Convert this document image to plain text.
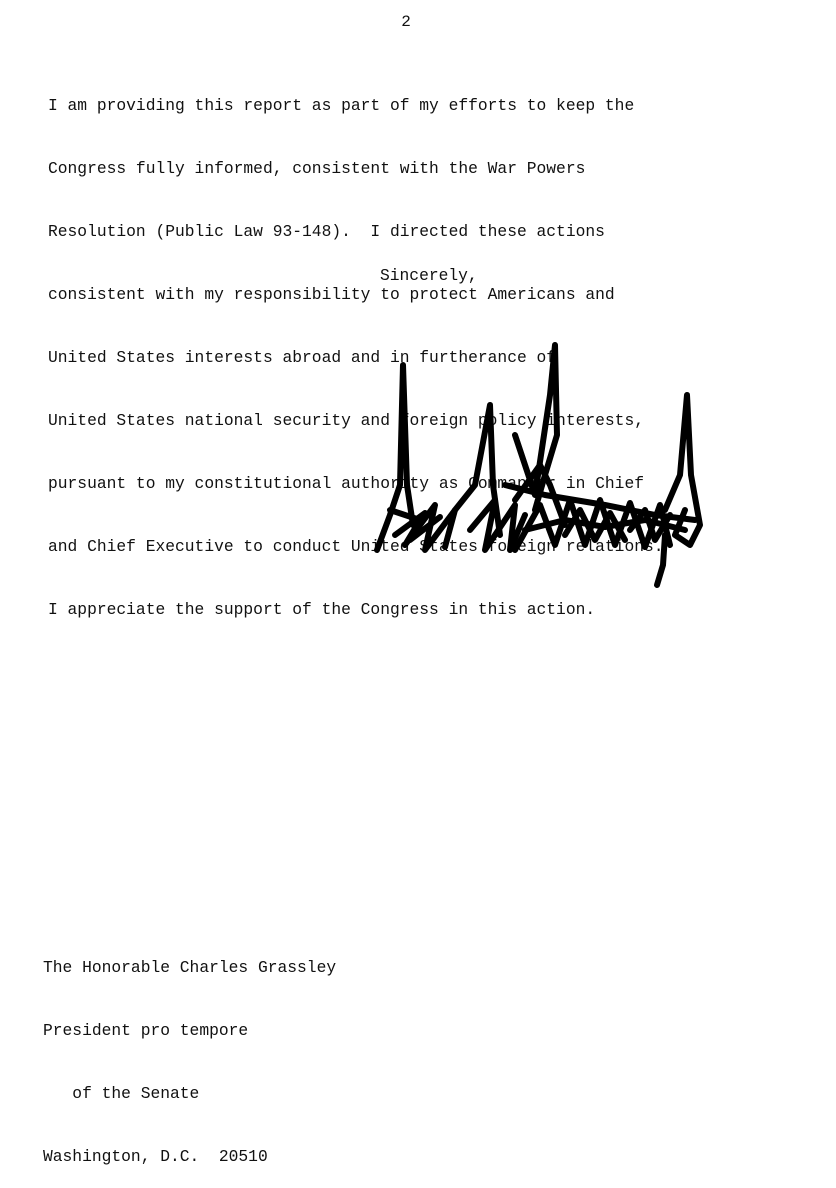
2

I am providing this report as part of my efforts to keep the

Congress fully informed, consistent with the War Powers

Resolution (Public Law 93-148).  I directed these actions

consistent with my responsibility to protect Americans and

United States interests abroad and in furtherance of

United States national security and foreign policy interests,

pursuant to my constitutional authority as Commander in Chief

and Chief Executive to conduct United States foreign relations.

I appreciate the support of the Congress in this action.

Sincerely,

The Honorable Charles Grassley

President pro tempore

of the Senate

Washington, D.C.  20510
